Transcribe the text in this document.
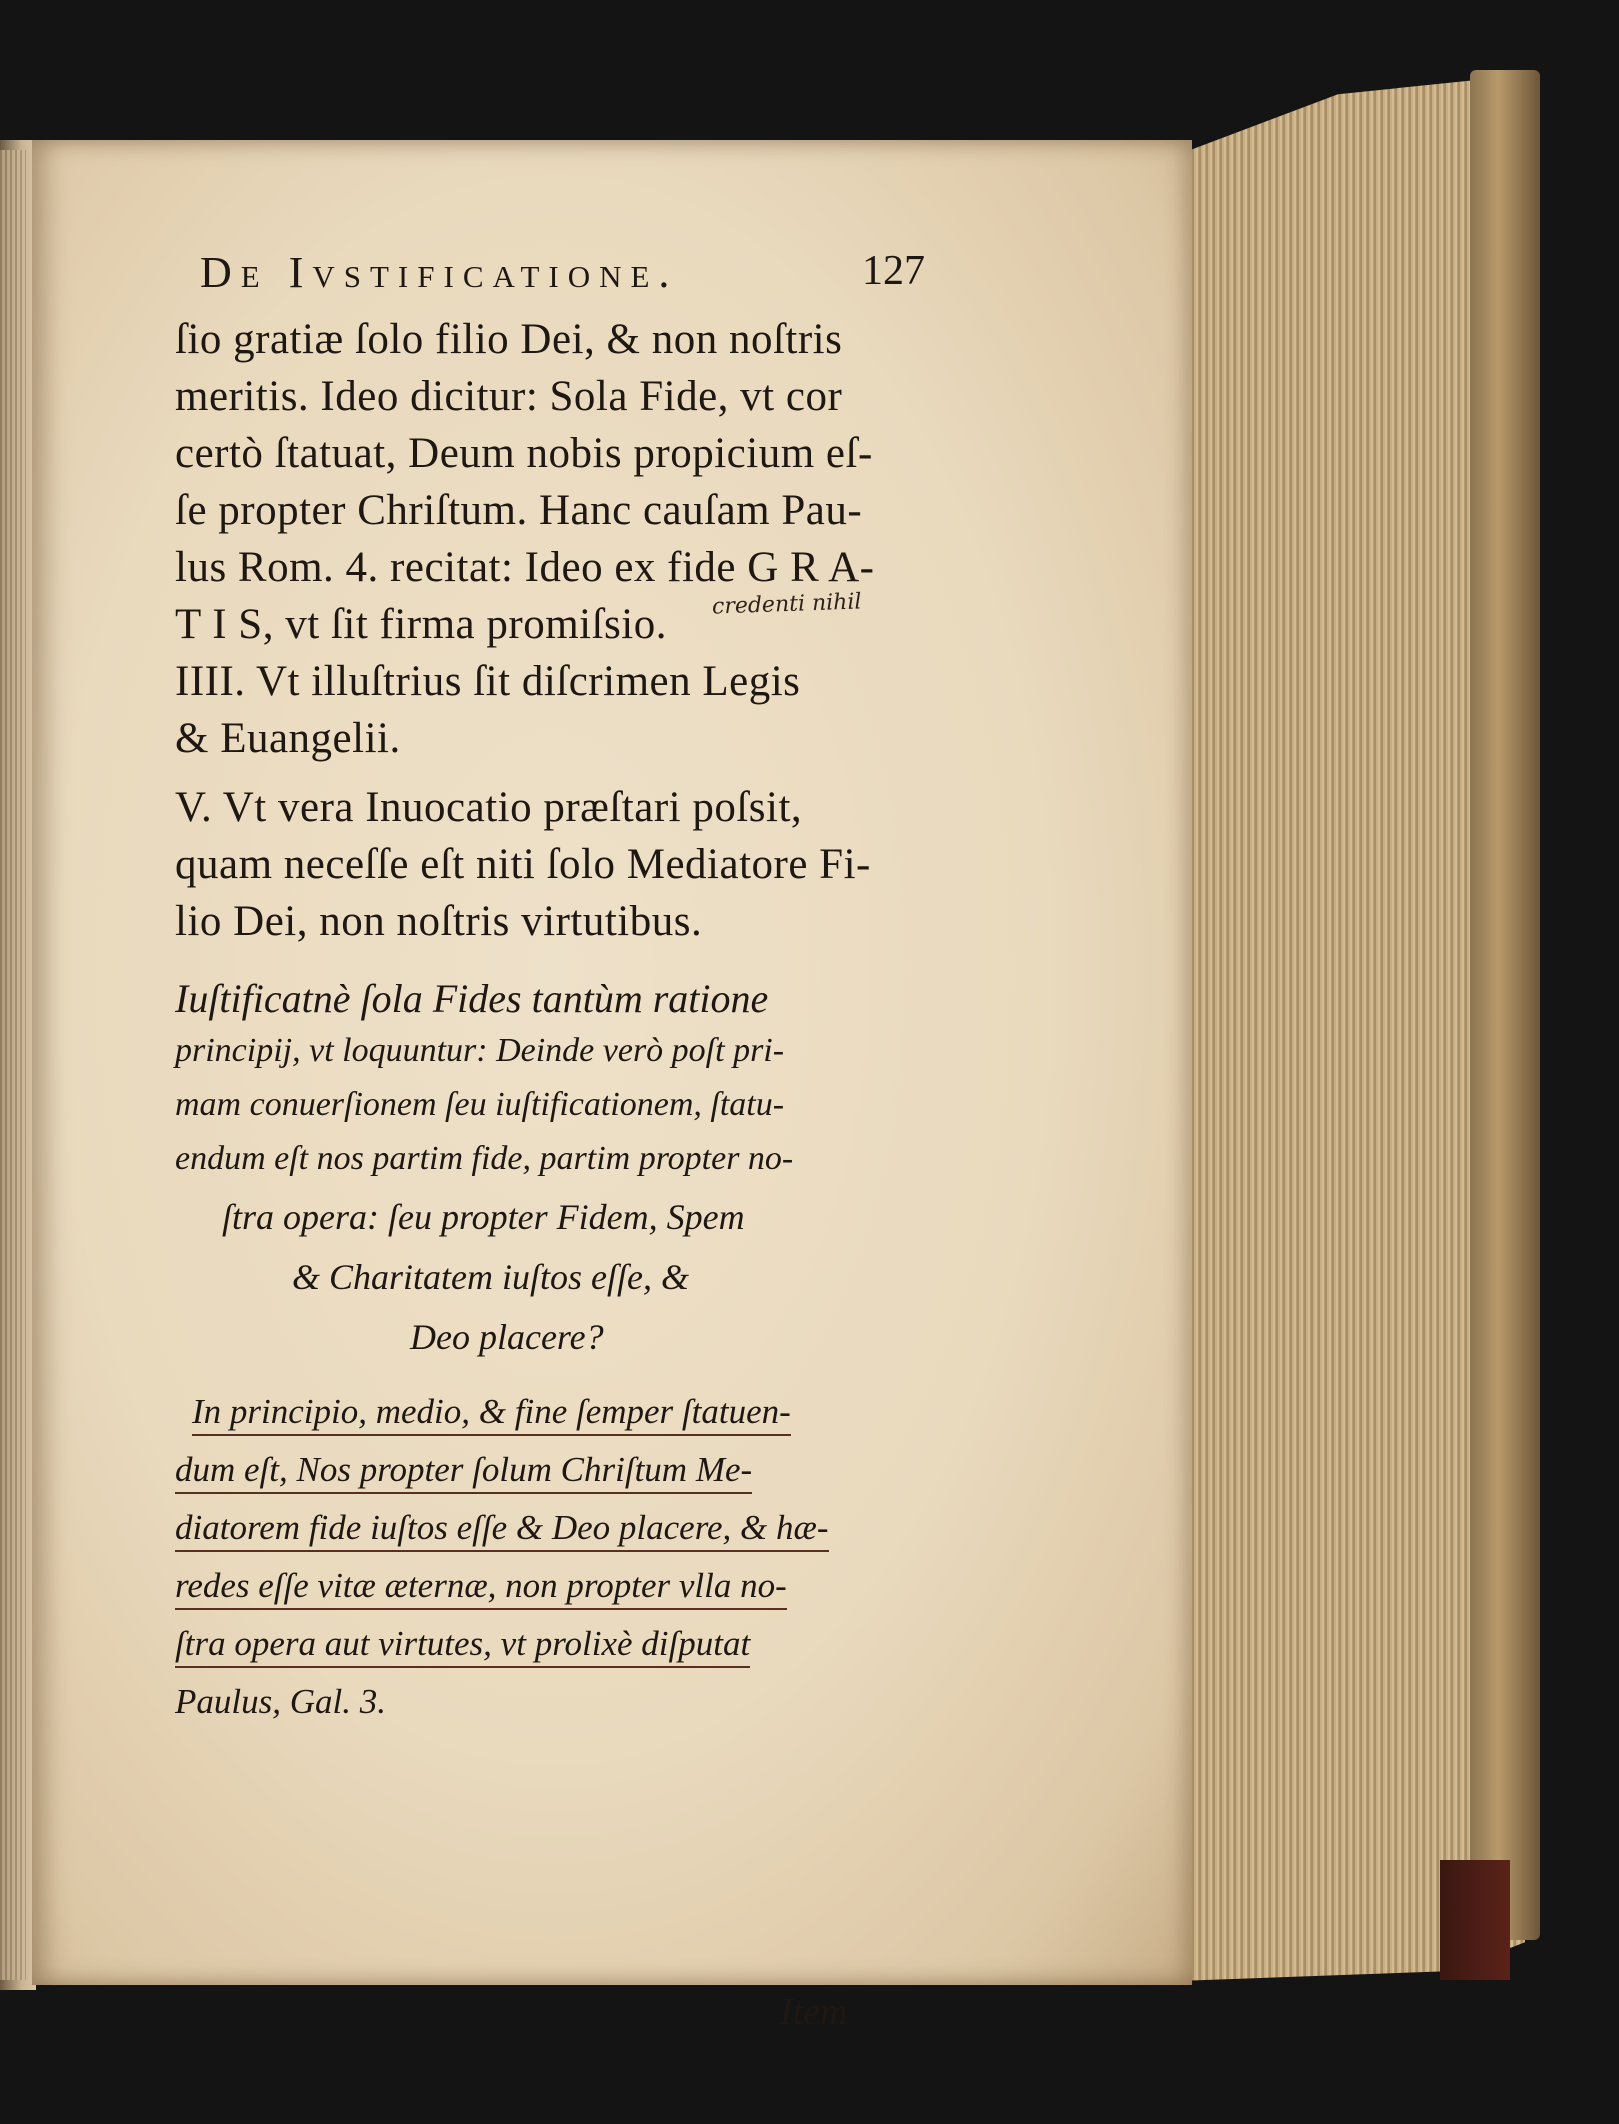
De Ivstificatione.	127
ſio gratiæ ſolo filio Dei, & non noſtris
meritis. Ideo dicitur: Sola Fide, vt cor
certò ſtatuat, Deum nobis propicium eſ-
ſe propter Chriſtum. Hanc cauſam Pau-
lus Rom. 4. recitat: Ideo ex fide G R A-
T I S, vt ſit firma promiſsio. credenti nihil
IIII. Vt illuſtrius ſit diſcrimen Legis
& Euangelii.
V. Vt vera Inuocatio præſtari poſsit,
quam neceſſe eſt niti ſolo Mediatore Fi-
lio Dei, non noſtris virtutibus.
Iuſtificatnè ſola Fides tantùm ratione
principij, vt loquuntur: Deinde verò poſt pri-
mam conuerſionem ſeu iuſtificationem, ſtatu-
endum eſt nos partim fide, partim propter no-
ſtra opera: ſeu propter Fidem, Spem
& Charitatem iuſtos eſſe, &
Deo placere?
In principio, medio, & fine ſemper ſtatuen-
dum eſt, Nos propter ſolum Chriſtum Me-
diatorem fide iuſtos eſſe & Deo placere, & hæ-
redes eſſe vitæ æternæ, non propter vlla no-
ſtra opera aut virtutes, vt prolixè diſputat
Paulus, Gal. 3.
Item
